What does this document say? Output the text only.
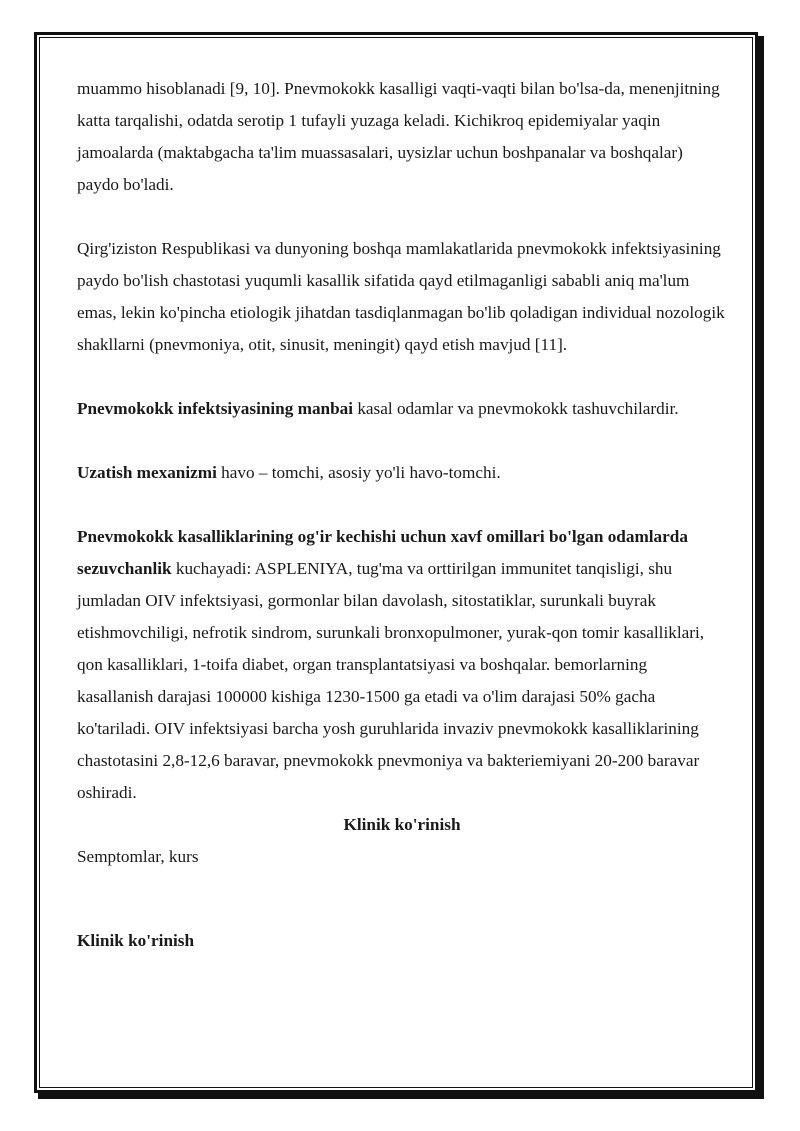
muammo hisoblanadi [9, 10]. Pnevmokokk kasalligi vaqti-vaqti bilan bo'lsa-da, menenjitning katta tarqalishi, odatda serotip 1 tufayli yuzaga keladi. Kichikroq epidemiyalar yaqin jamoalarda (maktabgacha ta'lim muassasalari, uysizlar uchun boshpanalar va boshqalar) paydo bo'ladi.

Qirg'iziston Respublikasi va dunyoning boshqa mamlakatlarida pnevmokokk infektsiyasining paydo bo'lish chastotasi yuqumli kasallik sifatida qayd etilmaganligi sababli aniq ma'lum emas, lekin ko'pincha etiologik jihatdan tasdiqlanmagan bo'lib qoladigan individual nozologik shakllarni (pnevmoniya, otit, sinusit, meningit) qayd etish mavjud [11].

Pnevmokokk infektsiyasining manbai kasal odamlar va pnevmokokk tashuvchilardir.

Uzatish mexanizmi havo – tomchi, asosiy yo'li havo-tomchi.

Pnevmokokk kasalliklarining og'ir kechishi uchun xavf omillari bo'lgan odamlarda sezuvchanlik kuchayadi: ASPLENIYA, tug'ma va orttirilgan immunitet tanqisligi, shu jumladan OIV infektsiyasi, gormonlar bilan davolash, sitostatiklar, surunkali buyrak etishmovchiligi, nefrotik sindrom, surunkali bronxopulmoner, yurak-qon tomir kasalliklari, qon kasalliklari, 1-toifa diabet, organ transplantatsiyasi va boshqalar. bemorlarning kasallanish darajasi 100000 kishiga 1230-1500 ga etadi va o'lim darajasi 50% gacha ko'tariladi. OIV infektsiyasi barcha yosh guruhlarida invaziv pnevmokokk kasalliklarining chastotasini 2,8-12,6 baravar, pnevmokokk pnevmoniya va bakteriemiyani 20-200 baravar oshiradi.

Klinik ko'rinish

Semptomlar, kurs

Klinik ko'rinish
